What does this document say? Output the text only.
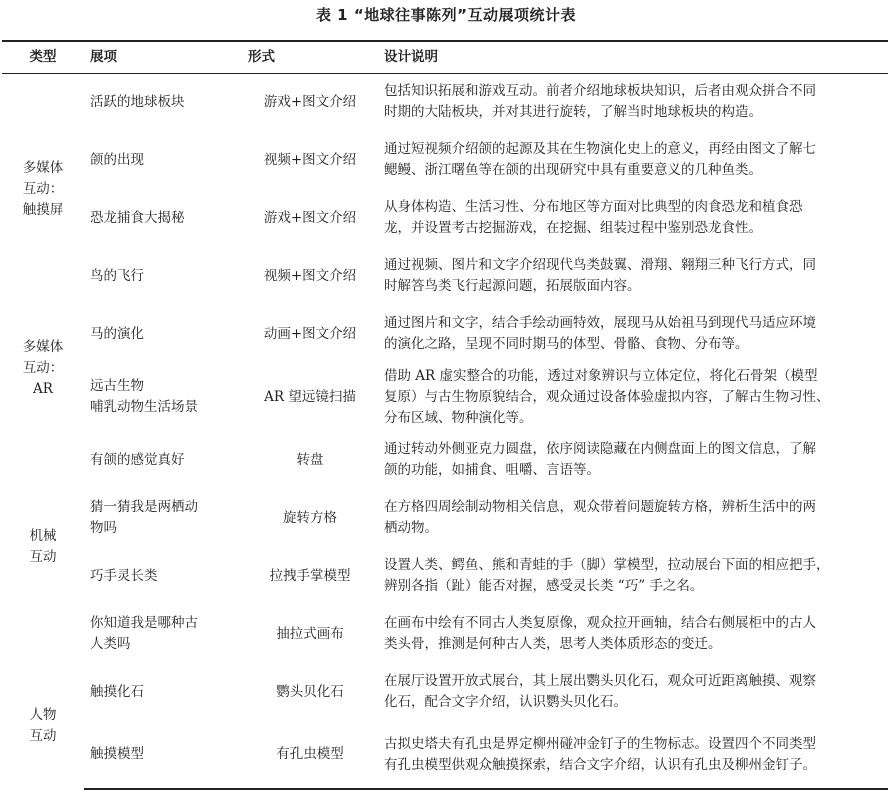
表 1 “地球往事陈列”互动展项统计表
类型	展项	形式	设计说明

多媒体
互动：
触摸屏	活跃的地球板块	游戏+图文介绍	包括知识拓展和游戏互动。前者介绍地球板块知识，后者由观众拼合不同
时期的大陆板块，并对其进行旋转，了解当时地球板块的构造。

	颌的出现	视频+图文介绍	通过短视频介绍颌的起源及其在生物演化史上的意义，再经由图文了解七
鳃鳗、浙江曙鱼等在颌的出现研究中具有重要意义的几种鱼类。

	恐龙捕食大揭秘	游戏+图文介绍	从身体构造、生活习性、分布地区等方面对比典型的肉食恐龙和植食恐
龙，并设置考古挖掘游戏，在挖掘、组装过程中鉴别恐龙食性。

	鸟的飞行	视频+图文介绍	通过视频、图片和文字介绍现代鸟类鼓翼、滑翔、翱翔三种飞行方式，同
时解答鸟类飞行起源问题，拓展版面内容。

多媒体
互动：
AR	马的演化	动画+图文介绍	通过图片和文字，结合手绘动画特效，展现马从始祖马到现代马适应环境
的演化之路，呈现不同时期马的体型、骨骼、食物、分布等。

	远古生物
哺乳动物生活场景	AR 望远镜扫描	借助 AR 虚实整合的功能，透过对象辨识与立体定位，将化石骨架（模型
复原）与古生物原貌结合，观众通过设备体验虚拟内容，了解古生物习性、
分布区域、物种演化等。

机械
互动	有颌的感觉真好	转盘	通过转动外侧亚克力圆盘，依序阅读隐藏在内侧盘面上的图文信息，了解
颌的功能，如捕食、咀嚼、言语等。

	猜一猜我是两栖动
物吗	旋转方格	在方格四周绘制动物相关信息，观众带着问题旋转方格，辨析生活中的两
栖动物。

	巧手灵长类	拉拽手掌模型	设置人类、鳄鱼、熊和青蛙的手（脚）掌模型，拉动展台下面的相应把手，
辨别各指（趾）能否对握，感受灵长类 “巧” 手之名。

	你知道我是哪种古
人类吗	抽拉式画布	在画布中绘有不同古人类复原像，观众拉开画轴，结合右侧展柜中的古人
类头骨，推测是何种古人类，思考人类体质形态的变迁。

人物
互动	触摸化石	鹦头贝化石	在展厅设置开放式展台，其上展出鹦头贝化石，观众可近距离触摸、观察
化石，配合文字介绍，认识鹦头贝化石。

	触摸模型	有孔虫模型	古拟史塔夫有孔虫是界定柳州碰冲金钉子的生物标志。设置四个不同类型
有孔虫模型供观众触摸探索，结合文字介绍，认识有孔虫及柳州金钉子。
